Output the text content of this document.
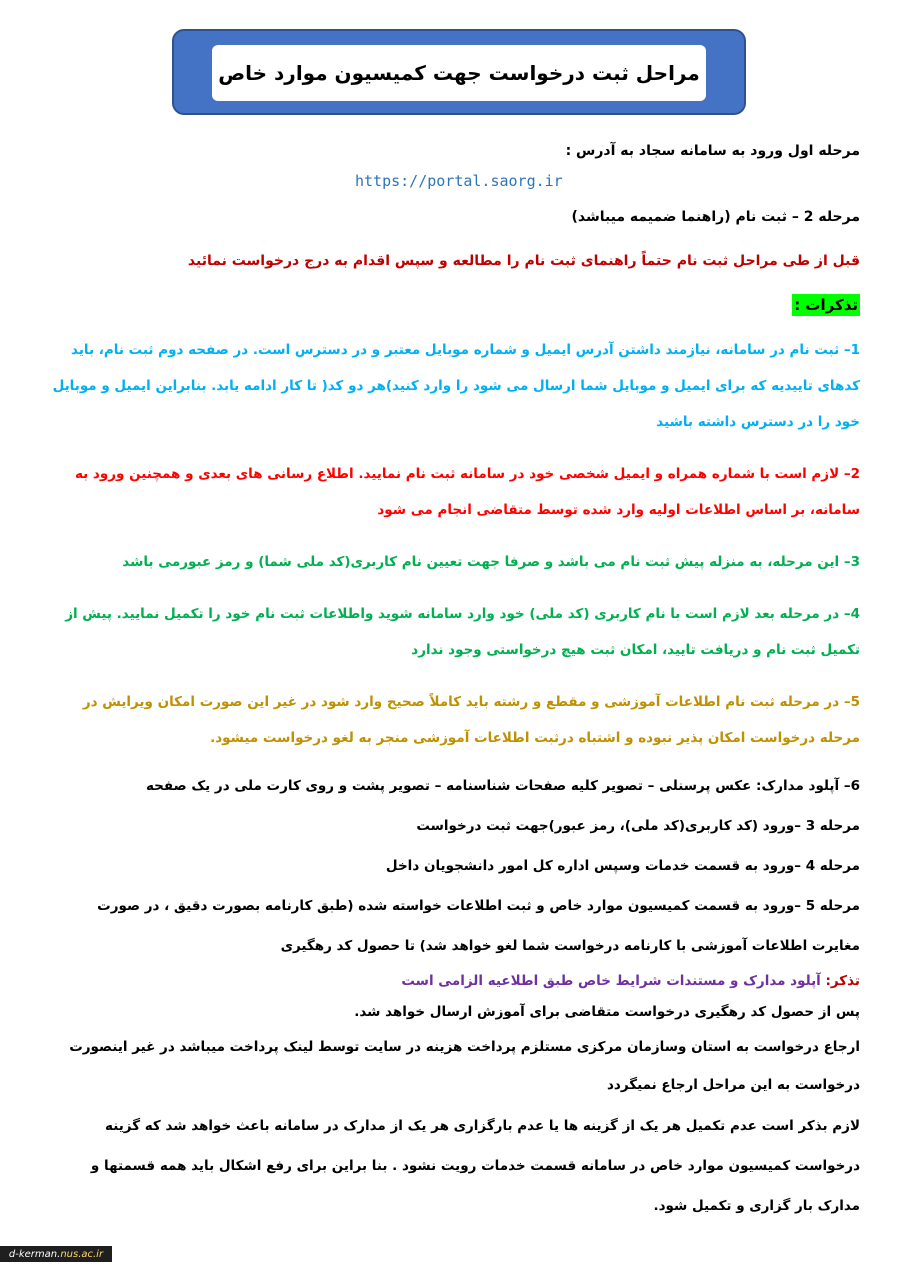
مراحل ثبت درخواست جهت کمیسیون موارد خاص
مرحله اول ورود به سامانه سجاد به آدرس :
https://portal.saorg.ir
مرحله 2 – ثبت نام (راهنما ضمیمه میباشد)
قبل از طی مراحل ثبت نام حتماً راهنمای ثبت نام را مطالعه و سپس اقدام به درج درخواست نمائید
تذکرات :
1– ثبت نام در سامانه، نیازمند داشتن آدرس ایمیل و شماره موبایل معتبر و در دسترس است. در صفحه دوم ثبت نام، باید کدهای تاییدیه که برای ایمیل و موبایل شما ارسال می شود را وارد کنید)هر دو کد( تا کار ادامه یابد. بنابراین ایمیل و موبایل خود را در دسترس داشته باشید
2– لازم است با شماره همراه و ایمیل شخصی خود در سامانه ثبت نام نمایید. اطلاع رسانی های بعدی و همچنین ورود به سامانه، بر اساس اطلاعات اولیه وارد شده توسط متقاضی انجام می شود
3– این مرحله، به منزله پیش ثبت نام می باشد و صرفا جهت تعیین نام کاربری(کد ملی شما) و رمز عبورمی باشد
4– در مرحله بعد لازم است با نام کاربری (کد ملی) خود وارد سامانه شوید واطلاعات ثبت نام خود را تکمیل نمایید. پیش از تکمیل ثبت نام و دریافت تایید، امکان ثبت هیچ درخواستی وجود ندارد
5– در مرحله ثبت نام اطلاعات آموزشی و مقطع و رشته باید کاملاً صحیح وارد شود در غیر این صورت امکان ویرایش در مرحله درخواست امکان پذیر نبوده و اشتباه درثبت اطلاعات آموزشی منجر به لغو درخواست میشود.
6– آپلود مدارک: عکس پرسنلی – تصویر کلیه صفحات شناسنامه – تصویر پشت و روی کارت ملی در یک صفحه
مرحله 3 –ورود (کد کاربری(کد ملی)، رمز عبور)جهت ثبت درخواست
مرحله 4 –ورود به قسمت خدمات وسپس اداره کل امور دانشجویان داخل
مرحله 5 –ورود به قسمت کمیسیون موارد خاص و ثبت اطلاعات خواسته شده (طبق کارنامه بصورت دقیق ، در صورت مغایرت اطلاعات آموزشی با کارنامه درخواست شما لغو خواهد شد) تا حصول کد رهگیری
تذکر: آپلود مدارک و مستندات شرایط خاص طبق اطلاعیه الزامی است
پس از حصول کد رهگیری درخواست متقاضی برای آموزش ارسال خواهد شد.
ارجاع درخواست به استان وسازمان مرکزی مستلزم پرداخت هزینه در سایت توسط لینک پرداخت میباشد در غیر اینصورت درخواست به این مراحل ارجاع نمیگردد
لازم بذکر است عدم تکمیل هر یک از گزینه ها یا عدم بارگزاری هر یک از مدارک در سامانه باعث خواهد شد که گزینه درخواست کمیسیون موارد خاص در سامانه قسمت خدمات رویت نشود . بنا براین برای رفع اشکال باید همه قسمتها و مدارک بار گزاری و تکمیل شود.
d-kerman. nus.ac.ir
